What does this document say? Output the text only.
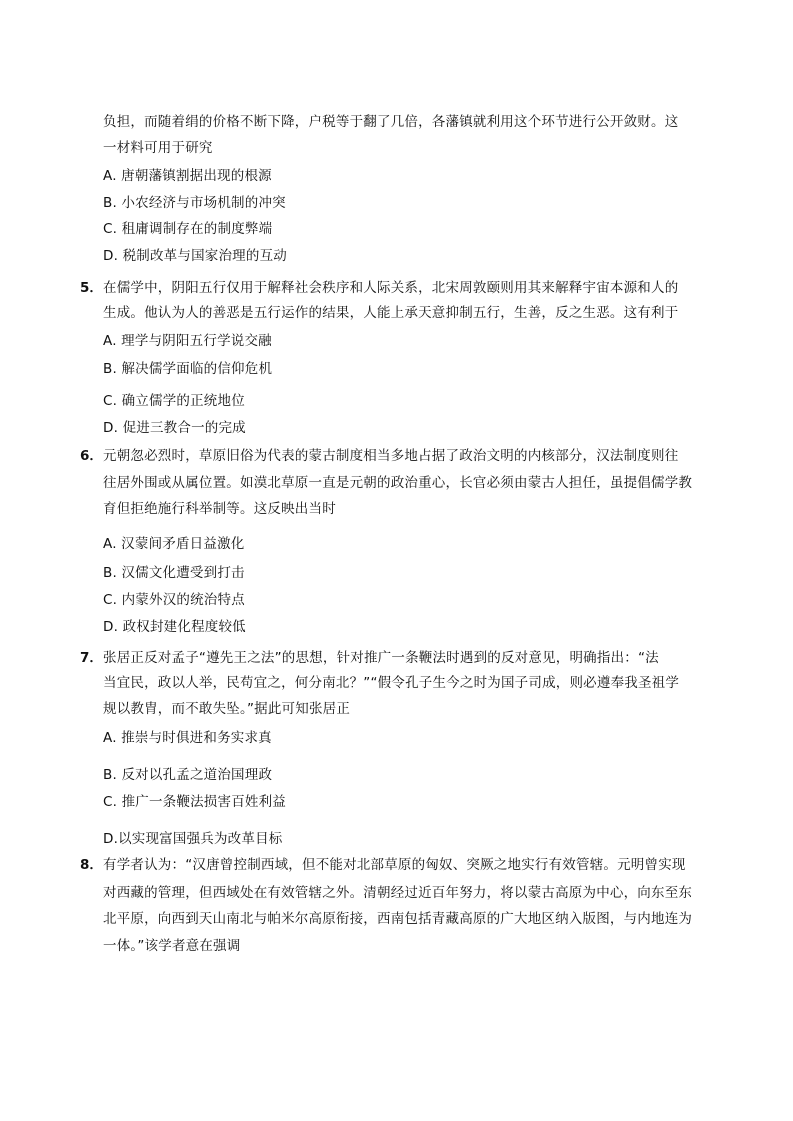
负担，而随着绢的价格不断下降，户税等于翻了几倍，各藩镇就利用这个环节进行公开敛财。这
一材料可用于研究
A. 唐朝藩镇割据出现的根源
B. 小农经济与市场机制的冲突
C. 租庸调制存在的制度弊端
D. 税制改革与国家治理的互动
5． 在儒学中，阴阳五行仅用于解释社会秩序和人际关系，北宋周敦颐则用其来解释宇宙本源和人的
生成。他认为人的善恶是五行运作的结果，人能上承天意抑制五行，生善，反之生恶。这有利于
A. 理学与阴阳五行学说交融
B. 解决儒学面临的信仰危机
C. 确立儒学的正统地位
D. 促进三教合一的完成
6． 元朝忽必烈时，草原旧俗为代表的蒙古制度相当多地占据了政治文明的内核部分，汉法制度则往
往居外围或从属位置。如漠北草原一直是元朝的政治重心，长官必须由蒙古人担任，虽提倡儒学教
育但拒绝施行科举制等。这反映出当时
A. 汉蒙间矛盾日益激化
B. 汉儒文化遭受到打击
C. 内蒙外汉的统治特点
D. 政权封建化程度较低
7． 张居正反对孟子“遵先王之法”的思想，针对推广一条鞭法时遇到的反对意见，明确指出：“法
当宜民，政以人举，民苟宜之，何分南北？”“假令孔子生今之时为国子司成，则必遵奉我圣祖学
规以教胄，而不敢失坠。”据此可知张居正
A. 推崇与时俱进和务实求真
B. 反对以孔孟之道治国理政
C. 推广一条鞭法损害百姓利益
D.以实现富国强兵为改革目标
8． 有学者认为：“汉唐曾控制西域，但不能对北部草原的匈奴、突厥之地实行有效管辖。元明曾实现
对西藏的管理，但西域处在有效管辖之外。清朝经过近百年努力，将以蒙古高原为中心，向东至东
北平原，向西到天山南北与帕米尔高原衔接，西南包括青藏高原的广大地区纳入版图，与内地连为
一体。”该学者意在强调
